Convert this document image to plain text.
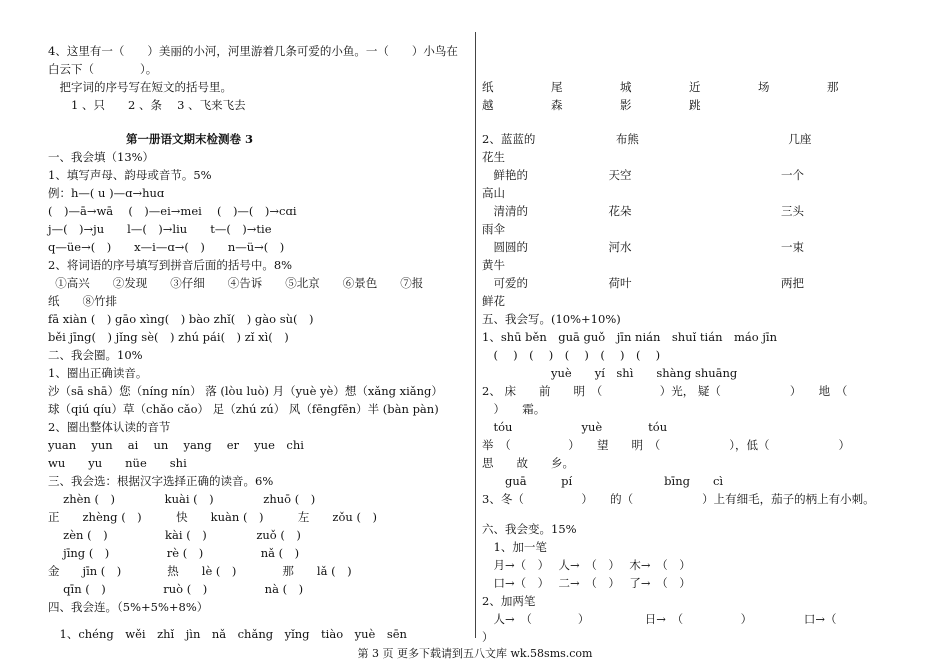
4、这里有一（　　）美丽的小河，河里游着几条可爱的小鱼。一（　　）小鸟在
白云下（　　　　）。
　把字词的序号写在短文的括号里。
　　1 、只　　2 、条　 3 、飞来飞去
第一册语文期末检测卷 3
一、我会填（13%）
1、填写声母、韵母或音节。5%
例：h—( u )—ɑ→huɑ
(　)—ā→wā　 (　)—ei→mei　 (　)—(　)→cɑi
j—(　)→ju　　l—(　)→liu　　t—(　)→tie
q—üe→(　)　　x—i—ɑ→(　)　　n—ü→(　)
2、将词语的序号填写到拼音后面的括号中。8%
①高兴　　②发现　　③仔细　　④告诉　　⑤北京　　⑥景色　　⑦报
纸　　⑧竹排
fā xiàn (　) gāo xìng(　) bào zhǐ(　) gào sù(　)
běi jīng(　) jǐng sè(　) zhú pái(　) zǐ xì(　)
二、我会圈。10%
1、圈出正确读音。
沙（sā shā）您（níng nín） 落 (lòu luò) 月（yuè yè）想（xǎng xiǎng）
球（qiú qíu）草（chǎo cǎo） 足（zhú zú） 风（fēngfēn）半 (bàn pàn)
2、圈出整体认读的音节
yuan　 yun　 ai　 un　 yang　 er　 yue　chi
wu　　yu　　nüe　　shi
三、我会选：根据汉字选择正确的读音。6%
　 zhèn (　)　　　　 kuài (　)　　　　 zhuō (　)
正　　zhèng (　)　　　快　　kuàn (　)　　　左　　zǒu (　)
　 zèn (　)　　　　　kài (　)　　　　 zuǒ (　)
　 jīng (　)　　　　　rè (　)　　　　　nǎ (　)
金　　jīn (　)　　　　热　　lè (　)　　　　那　　lǎ (　)
　 qīn (　)　　　　　ruò (　)　　　　　nà (　)
四、我会连。（5%+5%+8%）
　1、chéng　wěi　zhǐ　jìn　nǎ　chǎng　yǐng　tiào　yuè　sēn
纸　　　　　尾　　　　　城　　　　　近　　　　　场　　　　　那
越　　　　　森　　　　　影　　　　　跳
2、蓝蓝的　　　　　　　布熊　　　　　　　　　　　　　几座
花生
　鲜艳的　　　　　　　天空　　　　　　　　　　　　　一个
高山
　清清的　　　　　　　花朵　　　　　　　　　　　　　三头
雨伞
　圆圆的　　　　　　　河水　　　　　　　　　　　　　一束
黄牛
　可爱的　　　　　　　荷叶　　　　　　　　　　　　　两把
鲜花
五、我会写。(10%+10%)
1、shū běn　guā guǒ　jīn nián　shuǐ tián　máo jīn
　(　 )　(　 )　(　 )　(　 )　(　 )
　　　　　　yuè　　yí　shì　　shàng shuāng
2、 床　　前　　明　（　　　　　）光， 疑（　　　　　　）　　地　（
　）　　霜。
　tóu　　　　　　yuè　　　　tóu
举　（　　　　　）　　望　　明　（　　　　　　），低（　　　　　　）
思　　故　　乡。
　　guā　　　pí　　　　　　　　bīng　　cì
3、冬（　　　　　）　　的（　　　　　　）上有细毛，茄子的柄上有小刺。
六、我会变。15%
　1、加一笔
　月→（　）　 人→　（　）　 木→　（　）
　口→（　）　 二→　（　）　 了→　（　）
2、加两笔
　人→　（　　　　）　　　　　 日→　（　　　　　）　　　　　口→（
）
第 3 页 更多下载请到五八文库 wk.58sms.com
